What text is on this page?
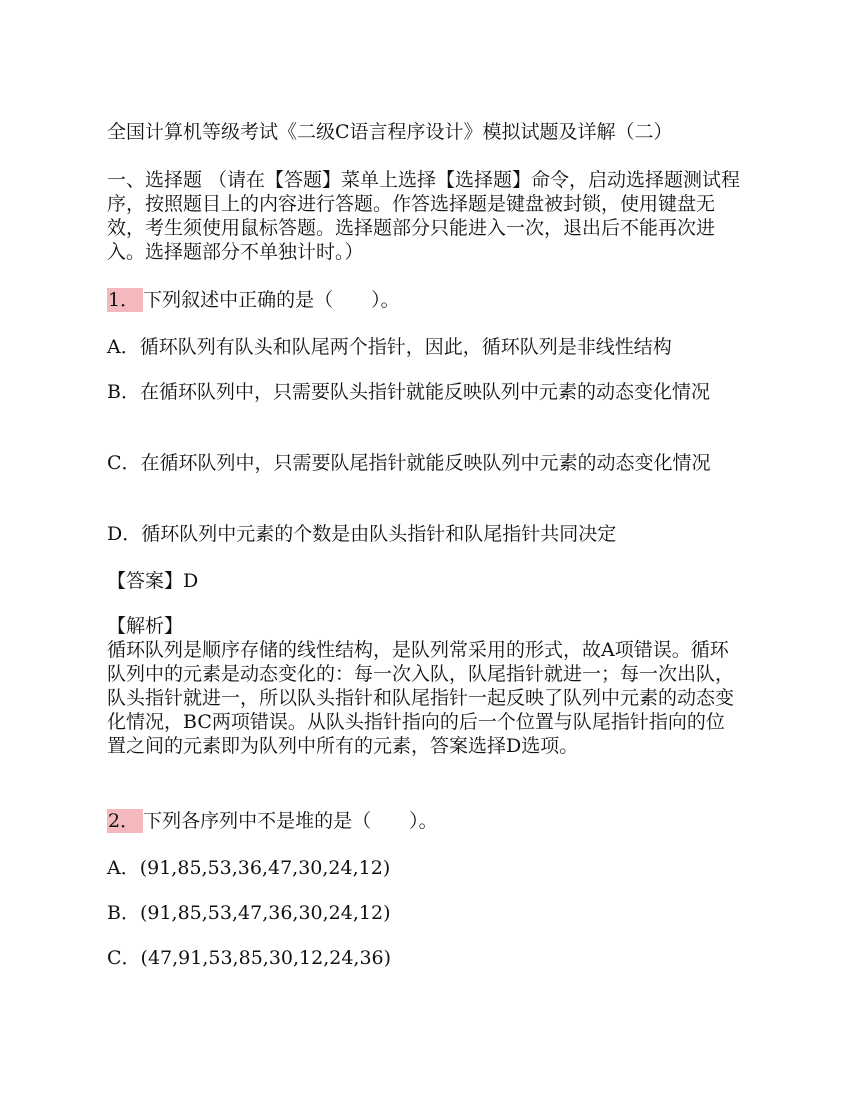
全国计算机等级考试《二级C语言程序设计》模拟试题及详解（二）

一、选择题 （请在【答题】菜单上选择【选择题】命令，启动选择题测试程序，按照题目上的内容进行答题。作答选择题是键盘被封锁，使用键盘无效，考生须使用鼠标答题。选择题部分只能进入一次，退出后不能再次进入。选择题部分不单独计时。）

1． 下列叙述中正确的是（　　）。

A．循环队列有队头和队尾两个指针，因此，循环队列是非线性结构

B．在循环队列中，只需要队头指针就能反映队列中元素的动态变化情况

C．在循环队列中，只需要队尾指针就能反映队列中元素的动态变化情况

D．循环队列中元素的个数是由队头指针和队尾指针共同决定

【答案】D

【解析】

循环队列是顺序存储的线性结构，是队列常采用的形式，故A项错误。循环队列中的元素是动态变化的：每一次入队，队尾指针就进一；每一次出队，队头指针就进一，所以队头指针和队尾指针一起反映了队列中元素的动态变化情况，BC两项错误。从队头指针指向的后一个位置与队尾指针指向的位置之间的元素即为队列中所有的元素，答案选择D选项。

2． 下列各序列中不是堆的是（　　）。

A．(91,85,53,36,47,30,24,12)

B．(91,85,53,47,36,30,24,12)

C．(47,91,53,85,30,12,24,36)
